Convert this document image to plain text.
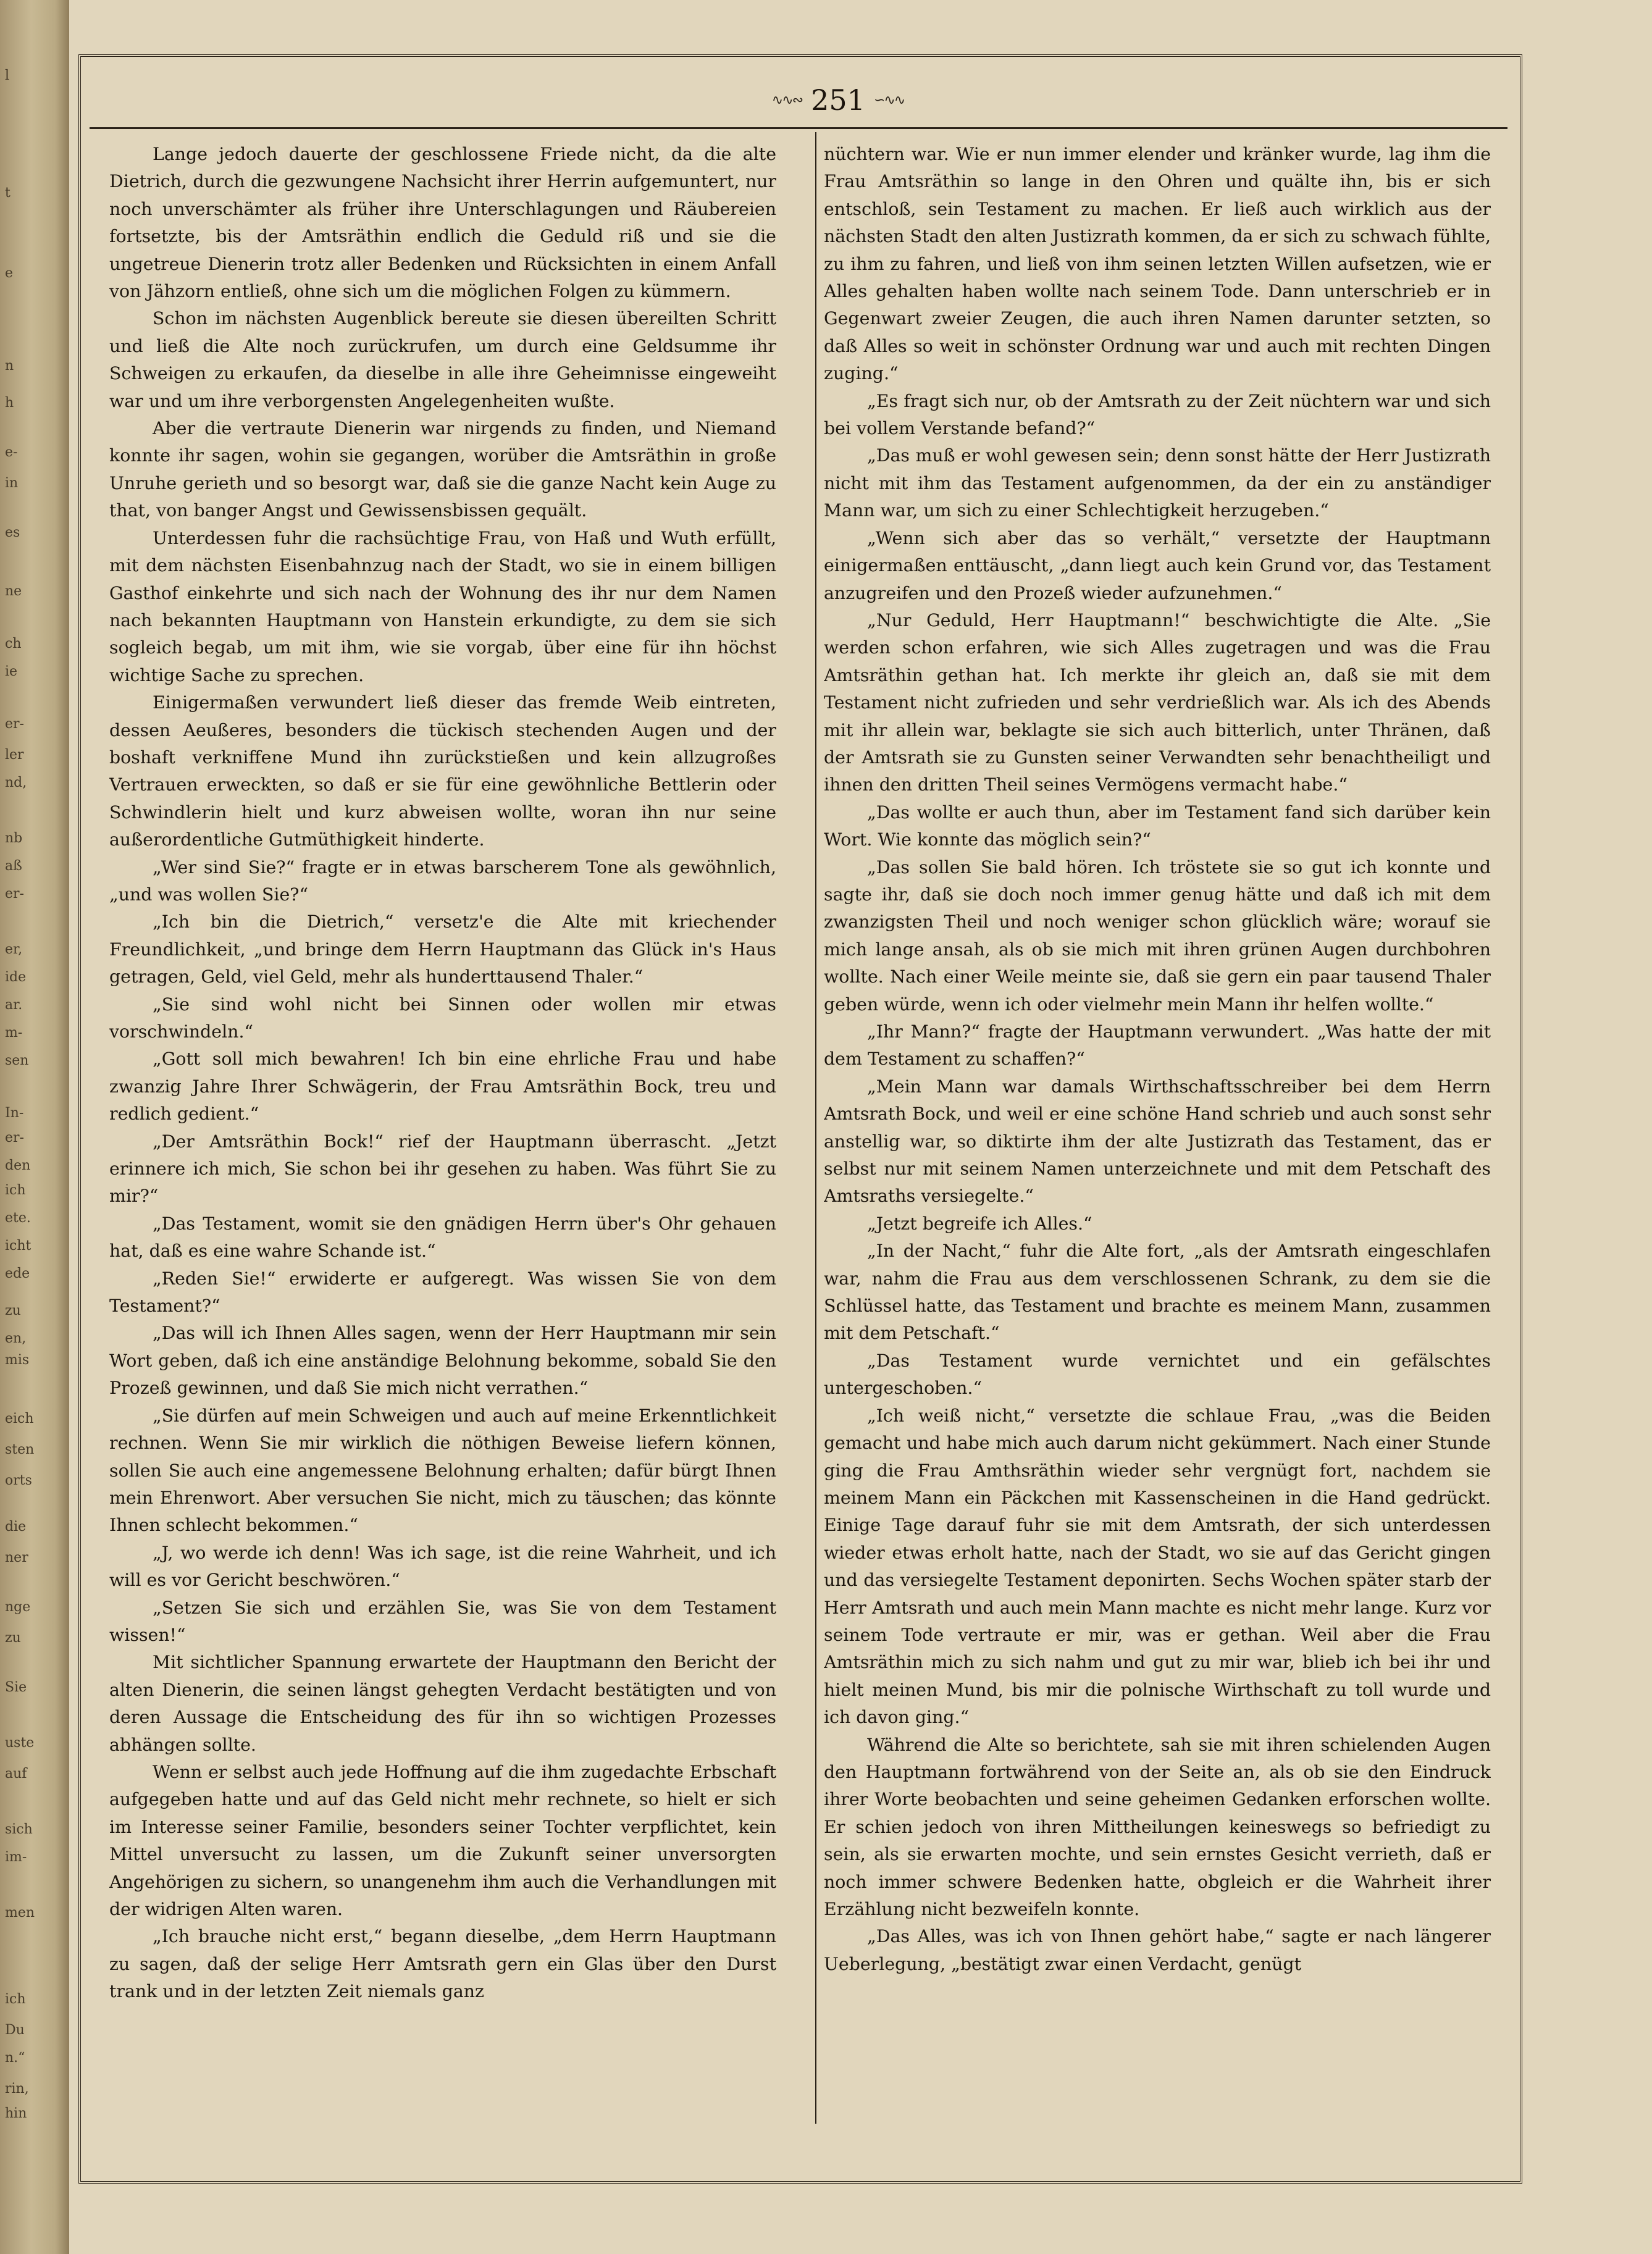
l
t
e
n
h
e-
in
es
ne
ch
ie
er-
ler
nd,
nb
aß
er-
er,
ide
ar.
m-
sen
In-
er-
den
ich
ete.
icht
ede
zu
en,
mis
eich
sten
orts
die
ner
nge
zu
Sie
uste
auf
sich
im-
men
ich
Du
n.“
rin,
hin
∿∿∾ 251 ∽∿∿

Lange jedoch dauerte der geschlossene Friede nicht, da die alte Dietrich, durch die gezwungene Nachsicht ihrer Herrin aufgemuntert, nur noch unverschämter als früher ihre Unterschlagungen und Räubereien fortsetzte, bis der Amtsräthin endlich die Geduld riß und sie die ungetreue Dienerin trotz aller Bedenken und Rücksichten in einem Anfall von Jähzorn entließ, ohne sich um die möglichen Folgen zu kümmern.

Schon im nächsten Augenblick bereute sie diesen übereilten Schritt und ließ die Alte noch zurückrufen, um durch eine Geldsumme ihr Schweigen zu erkaufen, da dieselbe in alle ihre Geheimnisse eingeweiht war und um ihre verborgensten Angelegenheiten wußte.

Aber die vertraute Dienerin war nirgends zu finden, und Niemand konnte ihr sagen, wohin sie gegangen, worüber die Amtsräthin in große Unruhe gerieth und so besorgt war, daß sie die ganze Nacht kein Auge zu that, von banger Angst und Gewissensbissen gequält.

Unterdessen fuhr die rachsüchtige Frau, von Haß und Wuth erfüllt, mit dem nächsten Eisenbahnzug nach der Stadt, wo sie in einem billigen Gasthof einkehrte und sich nach der Wohnung des ihr nur dem Namen nach bekannten Hauptmann von Hanstein erkundigte, zu dem sie sich sogleich begab, um mit ihm, wie sie vorgab, über eine für ihn höchst wichtige Sache zu sprechen.

Einigermaßen verwundert ließ dieser das fremde Weib eintreten, dessen Aeußeres, besonders die tückisch stechenden Augen und der boshaft verkniffene Mund ihn zurückstießen und kein allzugroßes Vertrauen erweckten, so daß er sie für eine gewöhnliche Bettlerin oder Schwindlerin hielt und kurz abweisen wollte, woran ihn nur seine außerordentliche Gutmüthigkeit hinderte.

„Wer sind Sie?“ fragte er in etwas barscherem Tone als gewöhnlich, „und was wollen Sie?“

„Ich bin die Dietrich,“ versetz'e die Alte mit kriechender Freundlichkeit, „und bringe dem Herrn Hauptmann das Glück in's Haus getragen, Geld, viel Geld, mehr als hunderttausend Thaler.“

„Sie sind wohl nicht bei Sinnen oder wollen mir etwas vorschwindeln.“

„Gott soll mich bewahren! Ich bin eine ehrliche Frau und habe zwanzig Jahre Ihrer Schwägerin, der Frau Amtsräthin Bock, treu und redlich gedient.“

„Der Amtsräthin Bock!“ rief der Hauptmann überrascht. „Jetzt erinnere ich mich, Sie schon bei ihr gesehen zu haben. Was führt Sie zu mir?“

„Das Testament, womit sie den gnädigen Herrn über's Ohr gehauen hat, daß es eine wahre Schande ist.“

„Reden Sie!“ erwiderte er aufgeregt. Was wissen Sie von dem Testament?“

„Das will ich Ihnen Alles sagen, wenn der Herr Hauptmann mir sein Wort geben, daß ich eine anständige Belohnung bekomme, sobald Sie den Prozeß gewinnen, und daß Sie mich nicht verrathen.“

„Sie dürfen auf mein Schweigen und auch auf meine Erkenntlichkeit rechnen. Wenn Sie mir wirklich die nöthigen Beweise liefern können, sollen Sie auch eine angemessene Belohnung erhalten; dafür bürgt Ihnen mein Ehrenwort. Aber versuchen Sie nicht, mich zu täuschen; das könnte Ihnen schlecht bekommen.“

„J, wo werde ich denn! Was ich sage, ist die reine Wahrheit, und ich will es vor Gericht beschwören.“

„Setzen Sie sich und erzählen Sie, was Sie von dem Testament wissen!“

Mit sichtlicher Spannung erwartete der Hauptmann den Bericht der alten Dienerin, die seinen längst gehegten Verdacht bestätigten und von deren Aussage die Entscheidung des für ihn so wichtigen Prozesses abhängen sollte.

Wenn er selbst auch jede Hoffnung auf die ihm zugedachte Erbschaft aufgegeben hatte und auf das Geld nicht mehr rechnete, so hielt er sich im Interesse seiner Familie, besonders seiner Tochter verpflichtet, kein Mittel unversucht zu lassen, um die Zukunft seiner unversorgten Angehörigen zu sichern, so unangenehm ihm auch die Verhandlungen mit der widrigen Alten waren.

„Ich brauche nicht erst,“ begann dieselbe, „dem Herrn Hauptmann zu sagen, daß der selige Herr Amtsrath gern ein Glas über den Durst trank und in der letzten Zeit niemals ganz

nüchtern war. Wie er nun immer elender und kränker wurde, lag ihm die Frau Amtsräthin so lange in den Ohren und quälte ihn, bis er sich entschloß, sein Testament zu machen. Er ließ auch wirklich aus der nächsten Stadt den alten Justizrath kommen, da er sich zu schwach fühlte, zu ihm zu fahren, und ließ von ihm seinen letzten Willen aufsetzen, wie er Alles gehalten haben wollte nach seinem Tode. Dann unterschrieb er in Gegenwart zweier Zeugen, die auch ihren Namen darunter setzten, so daß Alles so weit in schönster Ordnung war und auch mit rechten Dingen zuging.“

„Es fragt sich nur, ob der Amtsrath zu der Zeit nüchtern war und sich bei vollem Verstande befand?“

„Das muß er wohl gewesen sein; denn sonst hätte der Herr Justizrath nicht mit ihm das Testament aufgenommen, da der ein zu anständiger Mann war, um sich zu einer Schlechtigkeit herzugeben.“

„Wenn sich aber das so verhält,“ versetzte der Hauptmann einigermaßen enttäuscht, „dann liegt auch kein Grund vor, das Testament anzugreifen und den Prozeß wieder aufzunehmen.“

„Nur Geduld, Herr Hauptmann!“ beschwichtigte die Alte. „Sie werden schon erfahren, wie sich Alles zugetragen und was die Frau Amtsräthin gethan hat. Ich merkte ihr gleich an, daß sie mit dem Testament nicht zufrieden und sehr verdrießlich war. Als ich des Abends mit ihr allein war, beklagte sie sich auch bitterlich, unter Thränen, daß der Amtsrath sie zu Gunsten seiner Verwandten sehr benachtheiligt und ihnen den dritten Theil seines Vermögens vermacht habe.“

„Das wollte er auch thun, aber im Testament fand sich darüber kein Wort. Wie konnte das möglich sein?“

„Das sollen Sie bald hören. Ich tröstete sie so gut ich konnte und sagte ihr, daß sie doch noch immer genug hätte und daß ich mit dem zwanzigsten Theil und noch weniger schon glücklich wäre; worauf sie mich lange ansah, als ob sie mich mit ihren grünen Augen durchbohren wollte. Nach einer Weile meinte sie, daß sie gern ein paar tausend Thaler geben würde, wenn ich oder vielmehr mein Mann ihr helfen wollte.“

„Ihr Mann?“ fragte der Hauptmann verwundert. „Was hatte der mit dem Testament zu schaffen?“

„Mein Mann war damals Wirthschaftsschreiber bei dem Herrn Amtsrath Bock, und weil er eine schöne Hand schrieb und auch sonst sehr anstellig war, so diktirte ihm der alte Justizrath das Testament, das er selbst nur mit seinem Namen unterzeichnete und mit dem Petschaft des Amtsraths versiegelte.“

„Jetzt begreife ich Alles.“

„In der Nacht,“ fuhr die Alte fort, „als der Amtsrath eingeschlafen war, nahm die Frau aus dem verschlossenen Schrank, zu dem sie die Schlüssel hatte, das Testament und brachte es meinem Mann, zusammen mit dem Petschaft.“

„Das Testament wurde vernichtet und ein gefälschtes untergeschoben.“

„Ich weiß nicht,“ versetzte die schlaue Frau, „was die Beiden gemacht und habe mich auch darum nicht gekümmert. Nach einer Stunde ging die Frau Amthsräthin wieder sehr vergnügt fort, nachdem sie meinem Mann ein Päckchen mit Kassenscheinen in die Hand gedrückt. Einige Tage darauf fuhr sie mit dem Amtsrath, der sich unterdessen wieder etwas erholt hatte, nach der Stadt, wo sie auf das Gericht gingen und das versiegelte Testament deponirten. Sechs Wochen später starb der Herr Amtsrath und auch mein Mann machte es nicht mehr lange. Kurz vor seinem Tode vertraute er mir, was er gethan. Weil aber die Frau Amtsräthin mich zu sich nahm und gut zu mir war, blieb ich bei ihr und hielt meinen Mund, bis mir die polnische Wirthschaft zu toll wurde und ich davon ging.“

Während die Alte so berichtete, sah sie mit ihren schielenden Augen den Hauptmann fortwährend von der Seite an, als ob sie den Eindruck ihrer Worte beobachten und seine geheimen Gedanken erforschen wollte. Er schien jedoch von ihren Mittheilungen keineswegs so befriedigt zu sein, als sie erwarten mochte, und sein ernstes Gesicht verrieth, daß er noch immer schwere Bedenken hatte, obgleich er die Wahrheit ihrer Erzählung nicht bezweifeln konnte.

„Das Alles, was ich von Ihnen gehört habe,“ sagte er nach längerer Ueberlegung, „bestätigt zwar einen Verdacht, genügt
